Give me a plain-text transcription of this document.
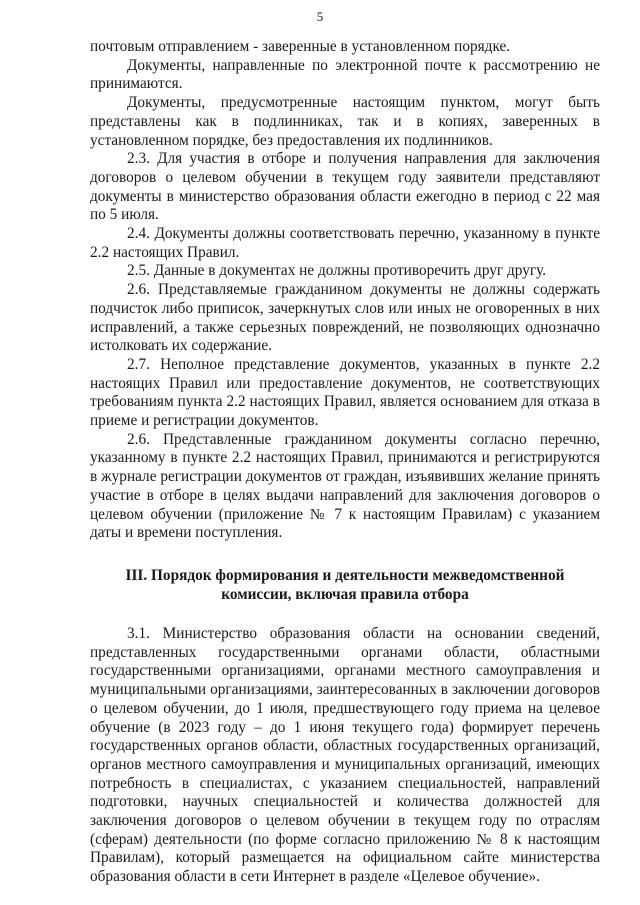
5

почтовым отправлением - заверенные в установленном порядке.

Документы, направленные по электронной почте к рассмотрению не принимаются.

Документы, предусмотренные настоящим пунктом, могут быть представлены как в подлинниках, так и в копиях, заверенных в установленном порядке, без предоставления их подлинников.

2.3. Для участия в отборе и получения направления для заключения договоров о целевом обучении в текущем году заявители представляют документы в министерство образования области ежегодно в период с 22 мая по 5 июля.

2.4. Документы должны соответствовать перечню, указанному в пункте 2.2 настоящих Правил.

2.5. Данные в документах не должны противоречить друг другу.

2.6. Представляемые гражданином документы не должны содержать подчисток либо приписок, зачеркнутых слов или иных не оговоренных в них исправлений, а также серьезных повреждений, не позволяющих однозначно истолковать их содержание.

2.7. Неполное представление документов, указанных в пункте 2.2 настоящих Правил или предоставление документов, не соответствующих требованиям пункта 2.2 настоящих Правил, является основанием для отказа в приеме и регистрации документов.

2.6. Представленные гражданином документы согласно перечню, указанному в пункте 2.2 настоящих Правил, принимаются и регистрируются в журнале регистрации документов от граждан, изъявивших желание принять участие в отборе в целях выдачи направлений для заключения договоров о целевом обучении (приложение № 7 к настоящим Правилам) с указанием даты и времени поступления.

III. Порядок формирования и деятельности межведомственной комиссии, включая правила отбора

3.1. Министерство образования области на основании сведений, представленных государственными органами области, областными государственными организациями, органами местного самоуправления и муниципальными организациями, заинтересованных в заключении договоров о целевом обучении, до 1 июля, предшествующего году приема на целевое обучение (в 2023 году – до 1 июня текущего года) формирует перечень государственных органов области, областных государственных организаций, органов местного самоуправления и муниципальных организаций, имеющих потребность в специалистах, с указанием специальностей, направлений подготовки, научных специальностей и количества должностей для заключения договоров о целевом обучении в текущем году по отраслям (сферам) деятельности (по форме согласно приложению № 8 к настоящим Правилам), который размещается на официальном сайте министерства образования области в сети Интернет в разделе «Целевое обучение».
